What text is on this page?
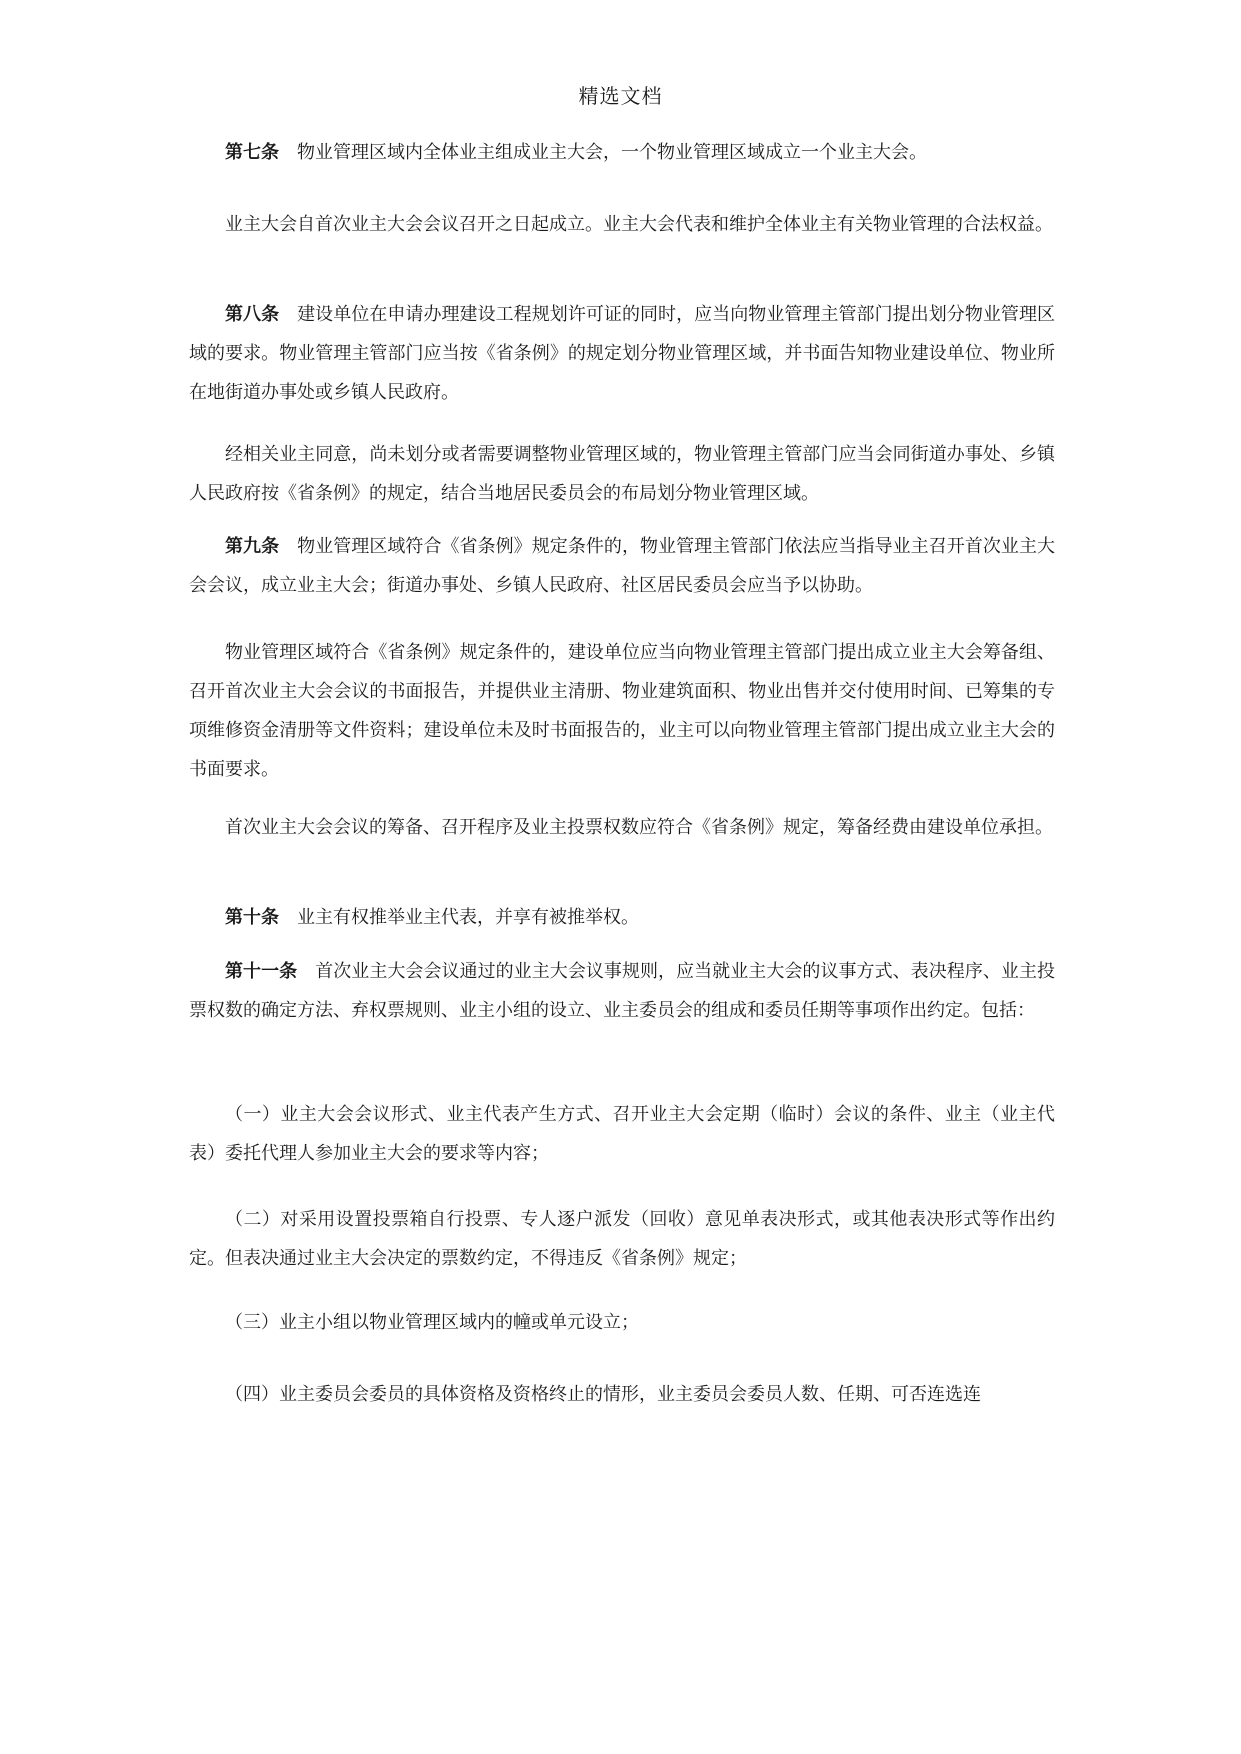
精选文档

第七条 物业管理区域内全体业主组成业主大会，一个物业管理区域成立一个业主大会。

业主大会自首次业主大会会议召开之日起成立。业主大会代表和维护全体业主有关物业管理的合法权益。

第八条 建设单位在申请办理建设工程规划许可证的同时，应当向物业管理主管部门提出划分物业管理区域的要求。物业管理主管部门应当按《省条例》的规定划分物业管理区域，并书面告知物业建设单位、物业所在地街道办事处或乡镇人民政府。

经相关业主同意，尚未划分或者需要调整物业管理区域的，物业管理主管部门应当会同街道办事处、乡镇人民政府按《省条例》的规定，结合当地居民委员会的布局划分物业管理区域。

第九条 物业管理区域符合《省条例》规定条件的，物业管理主管部门依法应当指导业主召开首次业主大会会议，成立业主大会；街道办事处、乡镇人民政府、社区居民委员会应当予以协助。

物业管理区域符合《省条例》规定条件的，建设单位应当向物业管理主管部门提出成立业主大会筹备组、召开首次业主大会会议的书面报告，并提供业主清册、物业建筑面积、物业出售并交付使用时间、已筹集的专项维修资金清册等文件资料；建设单位未及时书面报告的，业主可以向物业管理主管部门提出成立业主大会的书面要求。

首次业主大会会议的筹备、召开程序及业主投票权数应符合《省条例》规定，筹备经费由建设单位承担。

第十条 业主有权推举业主代表，并享有被推举权。

第十一条 首次业主大会会议通过的业主大会议事规则，应当就业主大会的议事方式、表决程序、业主投票权数的确定方法、弃权票规则、业主小组的设立、业主委员会的组成和委员任期等事项作出约定。包括：

（一）业主大会会议形式、业主代表产生方式、召开业主大会定期（临时）会议的条件、业主（业主代表）委托代理人参加业主大会的要求等内容；

（二）对采用设置投票箱自行投票、专人逐户派发（回收）意见单表决形式，或其他表决形式等作出约定。但表决通过业主大会决定的票数约定，不得违反《省条例》规定；

（三）业主小组以物业管理区域内的幢或单元设立；

（四）业主委员会委员的具体资格及资格终止的情形，业主委员会委员人数、任期、可否连选连
